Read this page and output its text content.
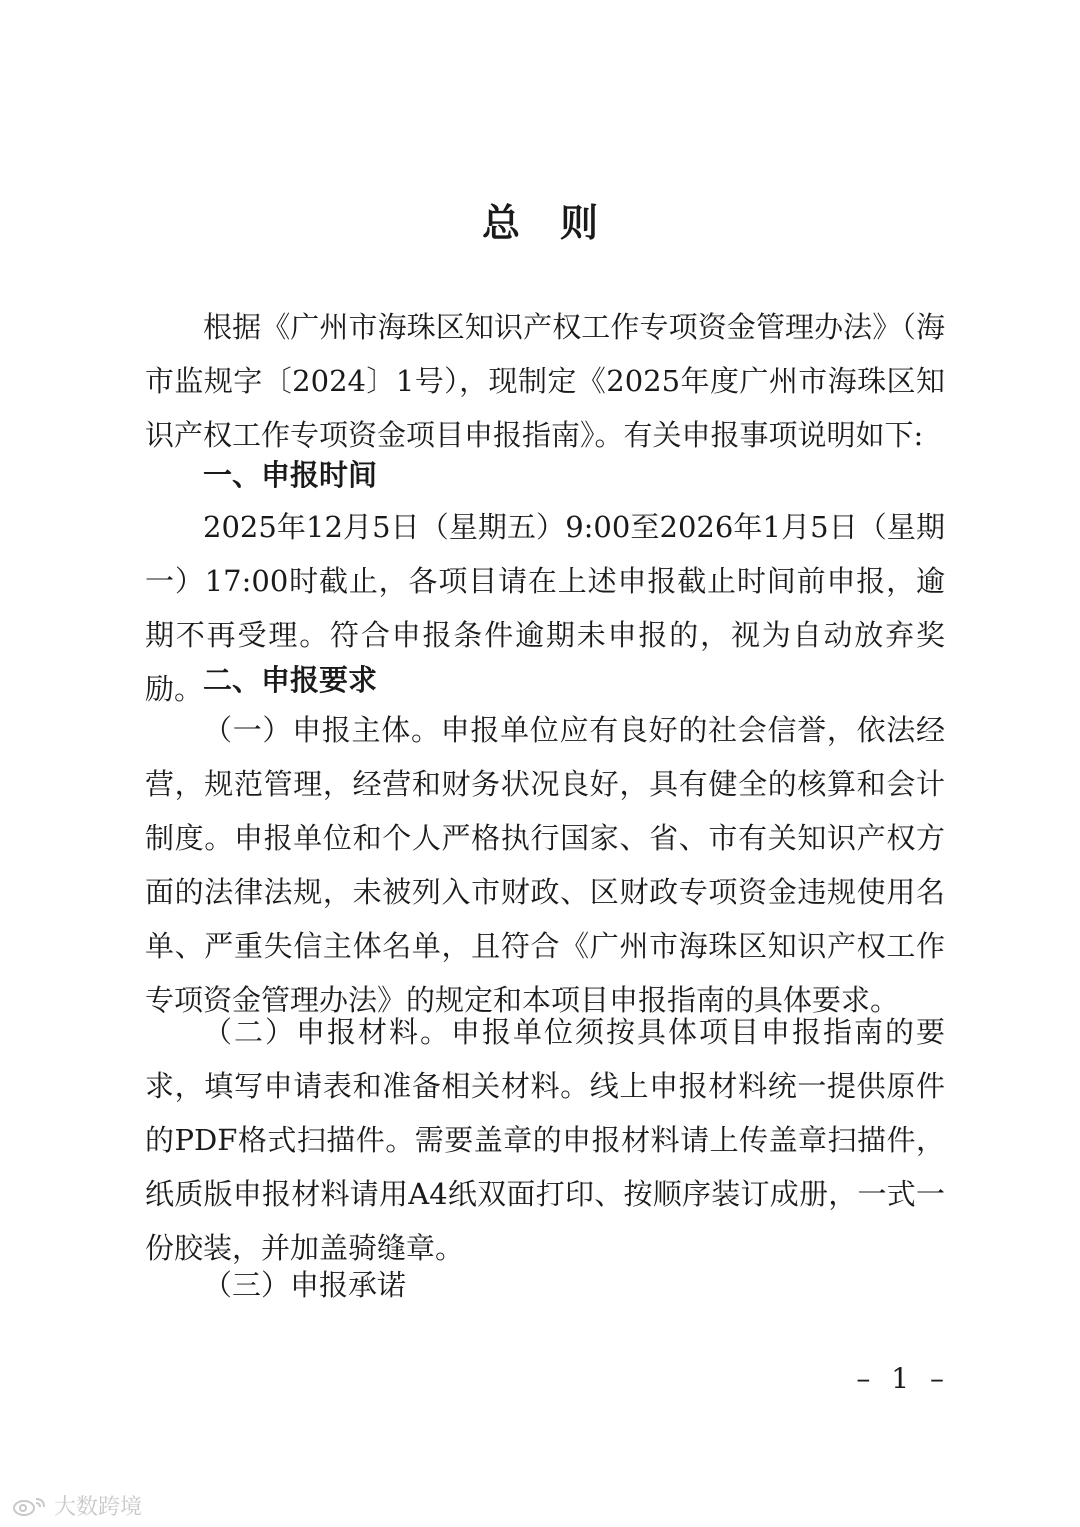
总则

根据《广州市海珠区知识产权工作专项资金管理办法》（海市监规字〔2024〕1号），现制定《2025年度广州市海珠区知识产权工作专项资金项目申报指南》。有关申报事项说明如下:

一、申报时间

2025年12月5日（星期五）9:00至2026年1月5日（星期一）17:00时截止，各项目请在上述申报截止时间前申报，逾期不再受理。符合申报条件逾期未申报的，视为自动放弃奖励。 二、申报要求

（一）申报主体。申报单位应有良好的社会信誉，依法经营，规范管理，经营和财务状况良好，具有健全的核算和会计制度。申报单位和个人严格执行国家、省、市有关知识产权方面的法律法规，未被列入市财政、区财政专项资金违规使用名单、严重失信主体名单，且符合《广州市海珠区知识产权工作专项资金管理办法》的规定和本项目申报指南的具体要求。

（二）申报材料。申报单位须按具体项目申报指南的要求，填写申请表和准备相关材料。线上申报材料统一提供原件的PDF格式扫描件。需要盖章的申报材料请上传盖章扫描件，纸质版申报材料请用A4纸双面打印、按顺序装订成册，一式一份胶装，并加盖骑缝章。

（三）申报承诺

– 1 –
大数跨境
